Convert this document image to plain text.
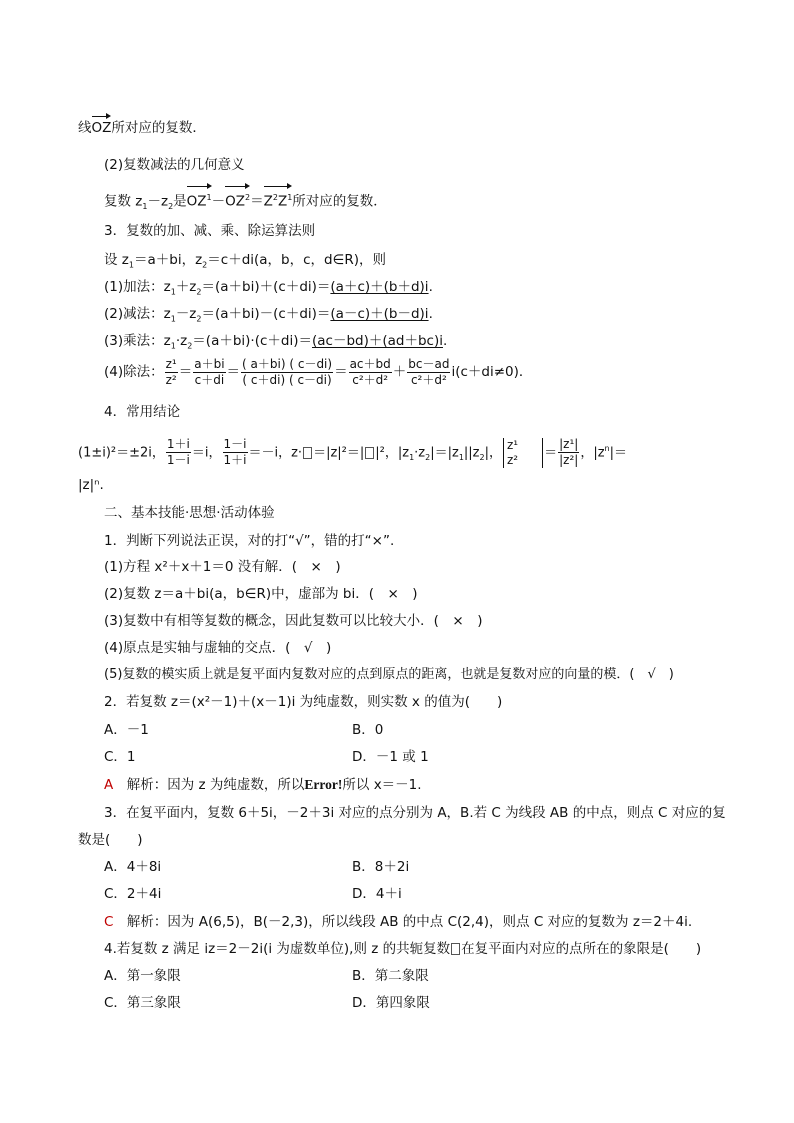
线OZ所对应的复数．
(2)复数减法的几何意义
复数 $z_1-z_2$是$OZ^1-OZ^2=Z^2Z^1$所对应的复数．
3．复数的加、减、乘、除运算法则
设 $z_1=a+bi$，$z_2=c+di(a$，b，c，d∈R)，则
(1)加法：$z_1+z_2=(a+bi)+(c+di)=(a+c)+(b+d)i$.
(2)减法：$z_1-z_2=(a+bi)-(c+di)=(a-c)+(b-d)i$.
(3)乘法：$z_1\cdot z_2=(a+bi)\cdot(c+di)=(ac-bd)+(ad+bc)i$.
(4)除法： $\frac{\text{z¹}}{\text{z²}} = \frac{a+bi}{c+di} = \frac{( a+bi) ( c-di)}{( c+di) ( c-di)} = \frac{ac+bd}{\text{c²＋d²}} + \frac{bc-ad}{\text{c²＋d²}} i(c+di\ne 0)$．
4．常用结论
(1±i)²＝±2i， $\frac{1+i}{1-i} =i$， $\frac{1-i}{1+i} =-i$，z· ＝|z|²＝| |²，$|z_1\cdot z_2|=|z_1||z_2|$，
z¹
$z^2 = \frac{\text{|z¹|}}{\text{|z²|}}$ ，$|z^n|=$
|z|ⁿ.
二、基本技能·思想·活动体验
1．判断下列说法正误，对的打“√”，错的打“×”.
(1)方程 x²＋x＋1＝0 没有解．(　×　)
(2)复数 z＝a＋bi(a，b∈R)中，虚部为 bi．(　×　)
(3)复数中有相等复数的概念，因此复数可以比较大小．(　×　)
(4)原点是实轴与虚轴的交点．(　√　)
(5)复数的模实质上就是复平面内复数对应的点到原点的距离，也就是复数对应的向量的模．(　√　)
2．若复数 z＝(x²－1)＋(x－1)i 为纯虚数，则实数 x 的值为(　　)
A．－1	B．0
C．1	D．－1 或 1
A　解析：因为 z 为纯虚数，所以Error!所以 x＝－1.
3．在复平面内，复数 6＋5i，－2＋3i 对应的点分别为 A，B.若 C 为线段 AB 的中点，则点 C 对应的复
数是(　　)
A．4＋8i	B．8＋2i
C．2＋4i	D．4＋i
C　解析：因为 A(6,5)，B(－2,3)，所以线段 AB 的中点 C(2,4)，则点 C 对应的复数为 z＝2＋4i.
4.若复数 z 满足 iz＝2－2i(i 为虚数单位),则 z 的共轭复数 在复平面内对应的点所在的象限是(　　)
A．第一象限	B．第二象限
C．第三象限	D．第四象限
